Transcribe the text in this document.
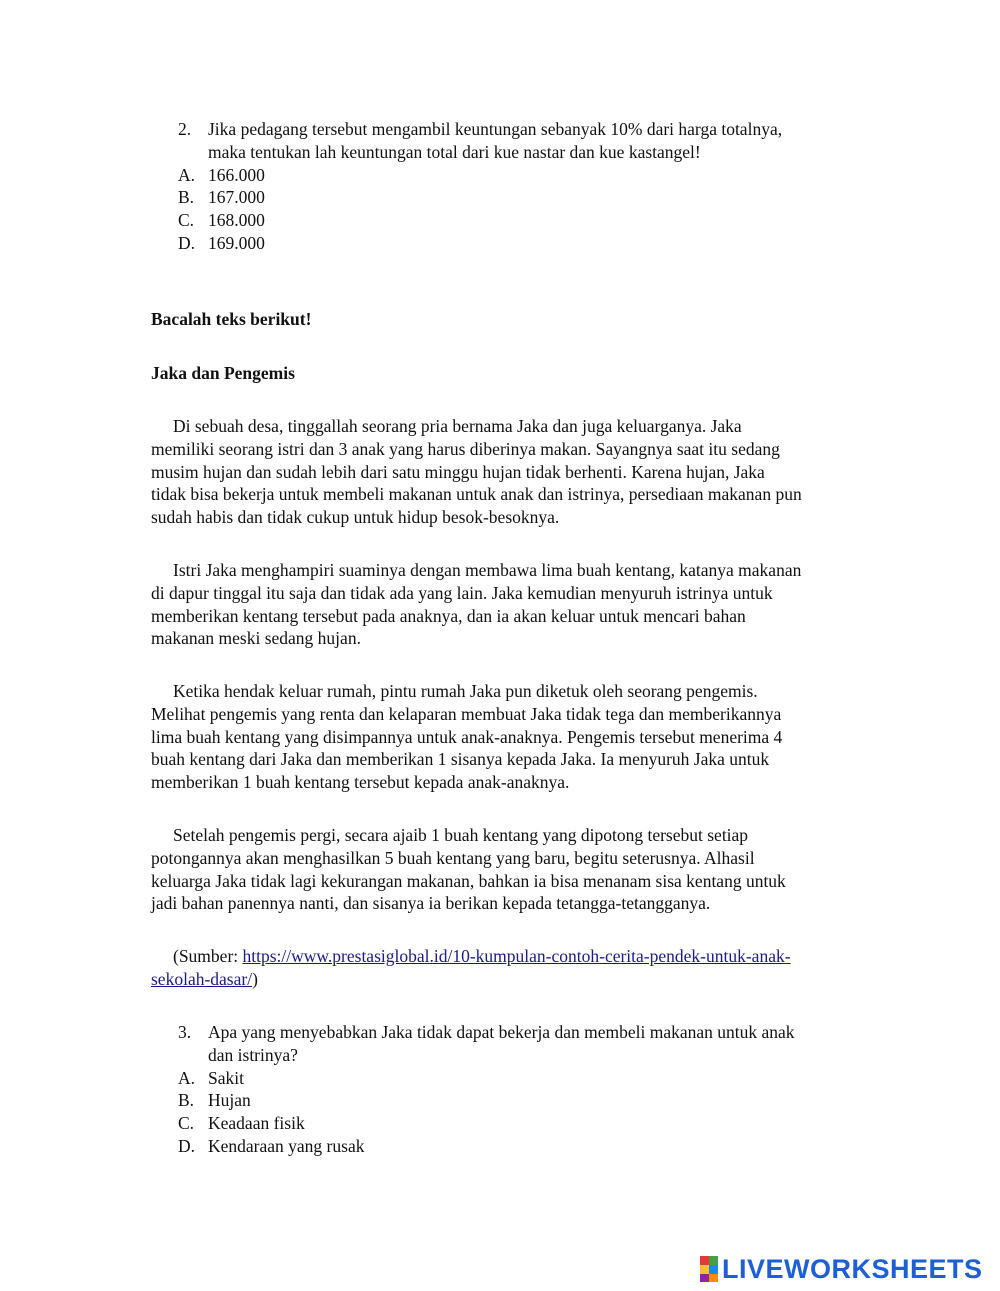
2. Jika pedagang tersebut mengambil keuntungan sebanyak 10% dari harga totalnya,
maka tentukan lah keuntungan total dari kue nastar dan kue kastangel!
A. 166.000
B. 167.000
C. 168.000
D. 169.000
Bacalah teks berikut!
Jaka dan Pengemis
Di sebuah desa, tinggallah seorang pria bernama Jaka dan juga keluarganya. Jaka
memiliki seorang istri dan 3 anak yang harus diberinya makan. Sayangnya saat itu sedang
musim hujan dan sudah lebih dari satu minggu hujan tidak berhenti. Karena hujan, Jaka
tidak bisa bekerja untuk membeli makanan untuk anak dan istrinya, persediaan makanan pun
sudah habis dan tidak cukup untuk hidup besok-besoknya.
Istri Jaka menghampiri suaminya dengan membawa lima buah kentang, katanya makanan
di dapur tinggal itu saja dan tidak ada yang lain. Jaka kemudian menyuruh istrinya untuk
memberikan kentang tersebut pada anaknya, dan ia akan keluar untuk mencari bahan
makanan meski sedang hujan.
Ketika hendak keluar rumah, pintu rumah Jaka pun diketuk oleh seorang pengemis.
Melihat pengemis yang renta dan kelaparan membuat Jaka tidak tega dan memberikannya
lima buah kentang yang disimpannya untuk anak-anaknya. Pengemis tersebut menerima 4
buah kentang dari Jaka dan memberikan 1 sisanya kepada Jaka. Ia menyuruh Jaka untuk
memberikan 1 buah kentang tersebut kepada anak-anaknya.
Setelah pengemis pergi, secara ajaib 1 buah kentang yang dipotong tersebut setiap
potongannya akan menghasilkan 5 buah kentang yang baru, begitu seterusnya. Alhasil
keluarga Jaka tidak lagi kekurangan makanan, bahkan ia bisa menanam sisa kentang untuk
jadi bahan panennya nanti, dan sisanya ia berikan kepada tetangga-tetangganya.
(Sumber: https://www.prestasiglobal.id/10-kumpulan-contoh-cerita-pendek-untuk-anak-
sekolah-dasar/)
3. Apa yang menyebabkan Jaka tidak dapat bekerja dan membeli makanan untuk anak
dan istrinya?
A. Sakit
B. Hujan
C. Keadaan fisik
D. Kendaraan yang rusak
LIVEWORKSHEETS
